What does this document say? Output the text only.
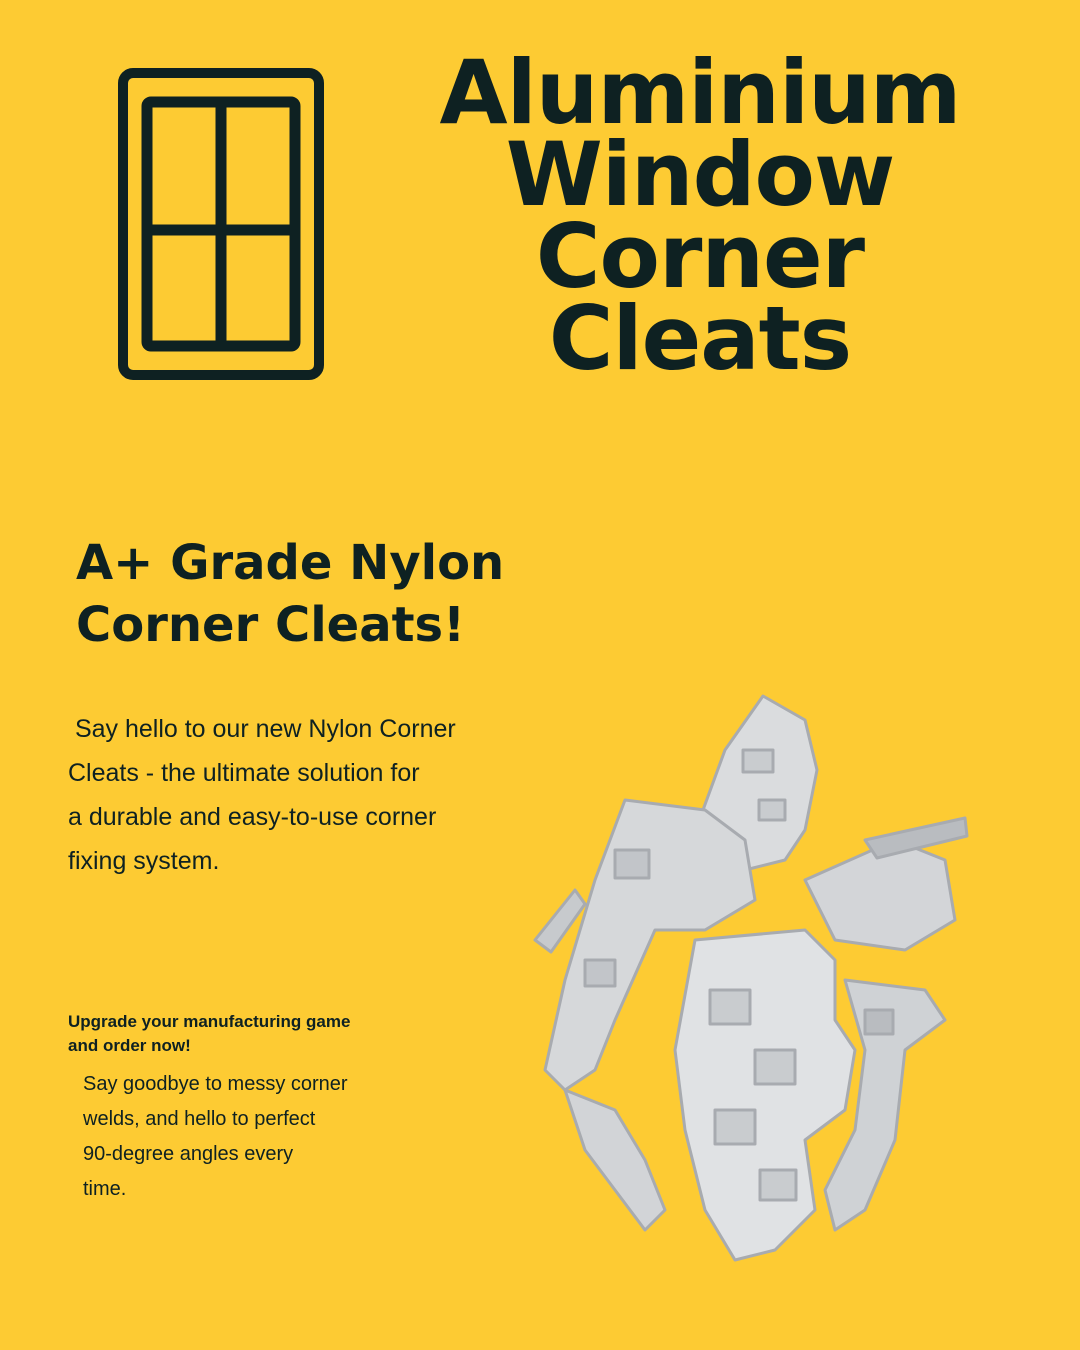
Aluminium
Window
Corner
Cleats
A+ Grade Nylon
Corner Cleats!
Say hello to our new Nylon Corner
Cleats - the ultimate solution for
a durable and easy-to-use corner
fixing system.
Upgrade your manufacturing game
and order now!
Say goodbye to messy corner
welds, and hello to perfect
90-degree angles every
time.
